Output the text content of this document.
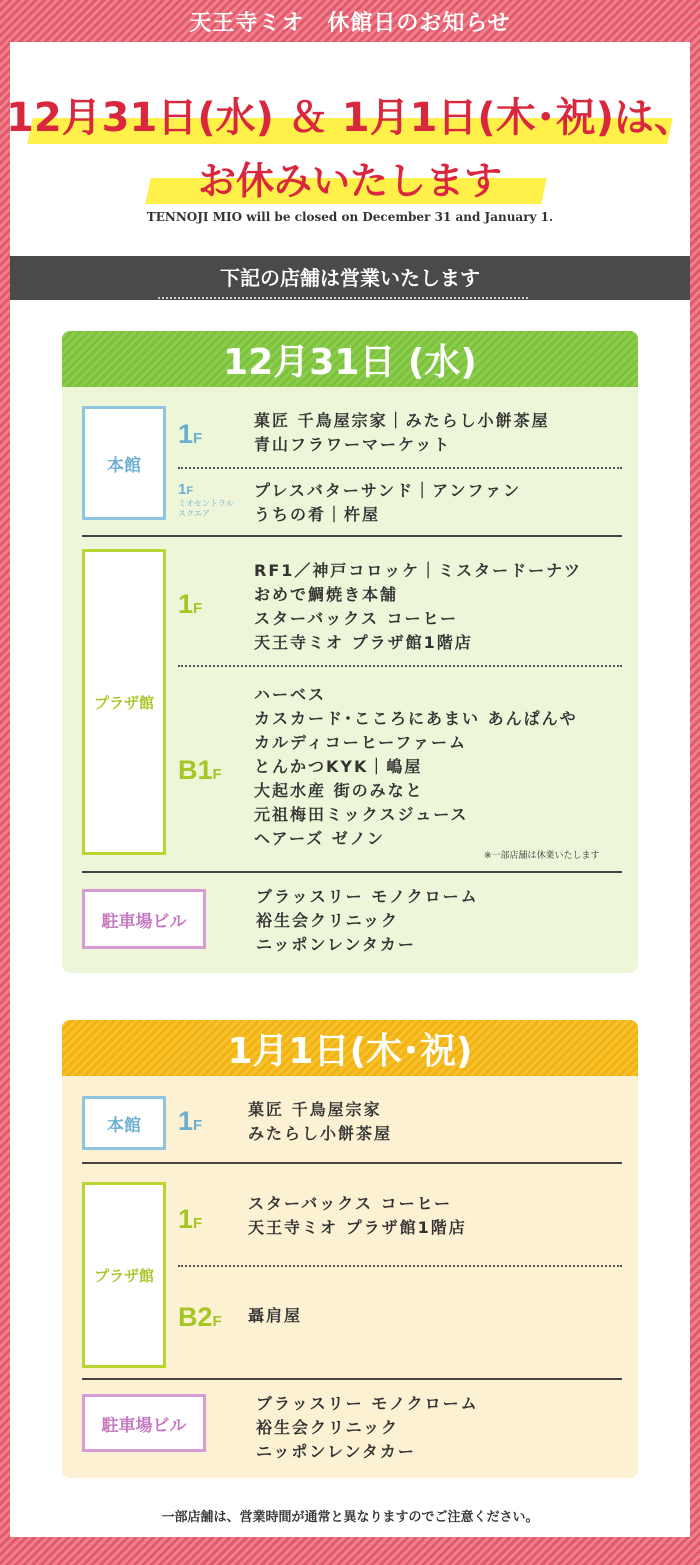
天王寺ミオ　休館日のお知らせ
12月31日(水) ＆ 1月1日(木･祝)は、
お休みいたします
TENNOJI MIO will be closed on December 31 and January 1.
下記の店舗は営業いたします
12月31日 (水)
本館
1F
菓匠 千鳥屋宗家｜みたらし小餅茶屋
青山フラワーマーケット
1F
ミオセントラル
スクエア
プレスバターサンド｜アンファン
うちの肴｜杵屋
プラザ館
1F
RF1／神戸コロッケ｜ミスタードーナツ
おめで鯛焼き本舗
スターバックス コーヒー
天王寺ミオ プラザ館1階店
B1F
ハーベス
カスカード･こころにあまい あんぱんや
カルディコーヒーファーム
とんかつKYK｜嶋屋
大起水産 街のみなと
元祖梅田ミックスジュース
ヘアーズ ゼノン
※一部店舗は休業いたします
駐車場ビル
ブラッスリー モノクローム
裕生会クリニック
ニッポンレンタカー
1月1日(木･祝)
本館	1F
菓匠 千鳥屋宗家
みたらし小餅茶屋
プラザ館
1F
スターバックス コーヒー
天王寺ミオ プラザ館1階店
B2F 聶肩屋
駐車場ビル
ブラッスリー モノクローム
裕生会クリニック
ニッポンレンタカー
一部店舗は、営業時間が通常と異なりますのでご注意ください。
